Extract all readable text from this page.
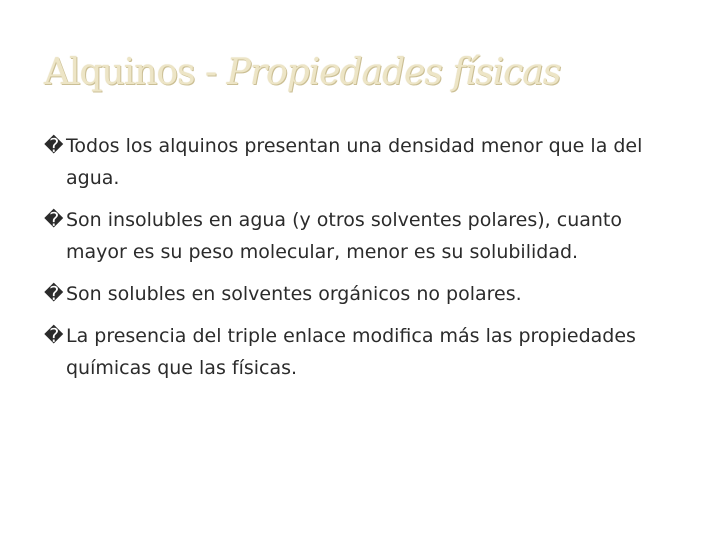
Alquinos - Propiedades físicas
� Todos los alquinos presentan una densidad menor que la del agua.
� Son insolubles en agua (y otros solventes polares), cuanto mayor es su peso molecular, menor es su solubilidad.
� Son solubles en solventes orgánicos no polares.
� La presencia del triple enlace modifica más las propiedades químicas que las físicas.
